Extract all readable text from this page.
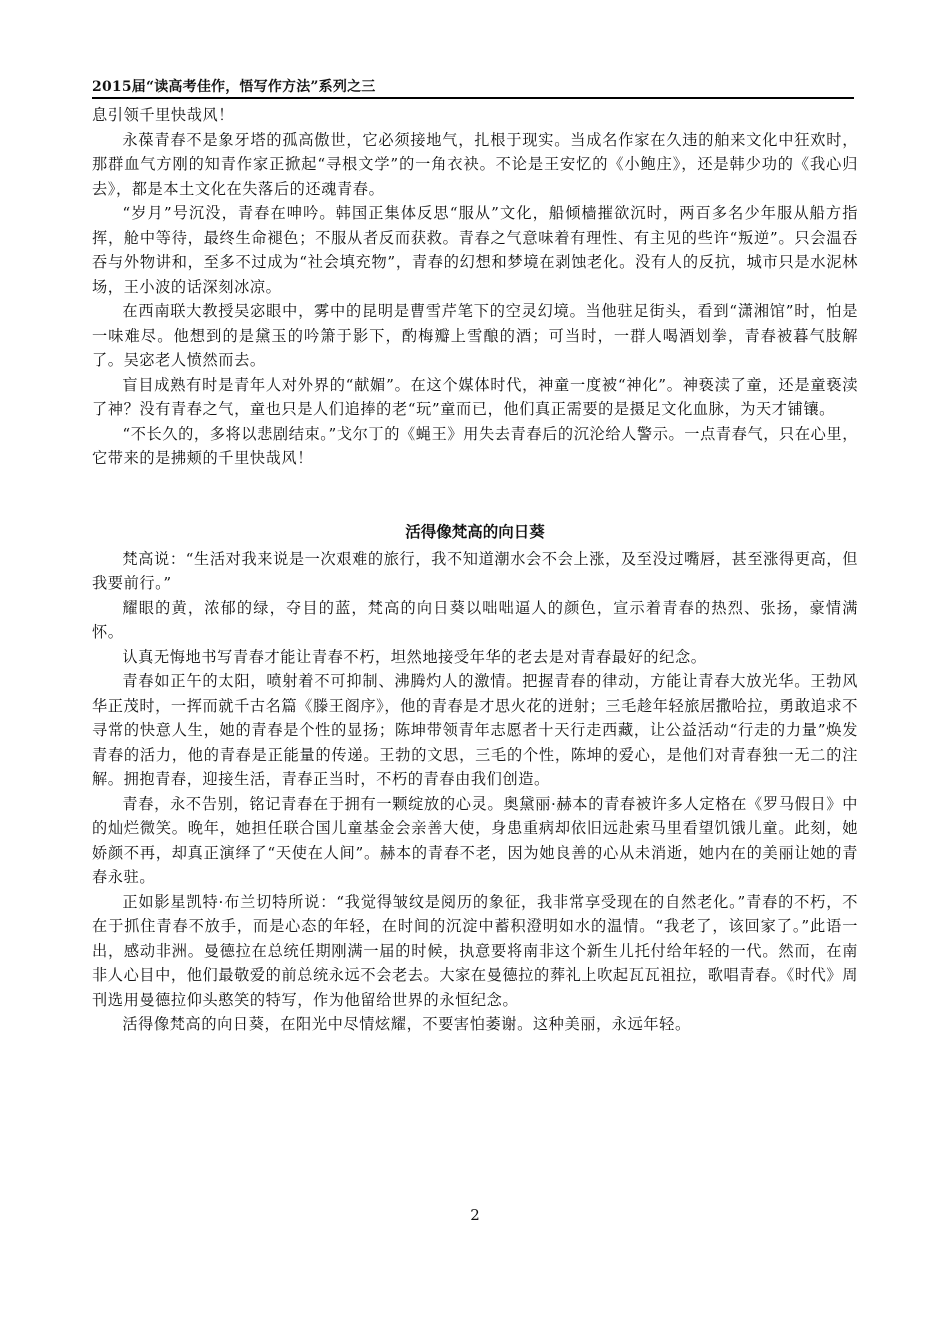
2015届“读高考佳作，悟写作方法”系列之三

息引领千里快哉风！

永葆青春不是象牙塔的孤高傲世，它必须接地气，扎根于现实。当成名作家在久违的舶来文化中狂欢时，那群血气方刚的知青作家正掀起“寻根文学”的一角衣袂。不论是王安忆的《小鲍庄》，还是韩少功的《我心归去》，都是本土文化在失落后的还魂青春。

“岁月”号沉没，青春在呻吟。韩国正集体反思“服从”文化，船倾樯摧欲沉时，两百多名少年服从船方指挥，舱中等待，最终生命褪色；不服从者反而获救。青春之气意味着有理性、有主见的些许“叛逆”。只会温吞吞与外物讲和，至多不过成为“社会填充物”，青春的幻想和梦境在剥蚀老化。没有人的反抗，城市只是水泥林场，王小波的话深刻冰凉。

在西南联大教授吴宓眼中，雾中的昆明是曹雪芹笔下的空灵幻境。当他驻足街头，看到“潇湘馆”时，怕是一味难尽。他想到的是黛玉的吟箫于影下，酌梅瓣上雪酿的酒；可当时，一群人喝酒划拳，青春被暮气肢解了。吴宓老人愤然而去。

盲目成熟有时是青年人对外界的“献媚”。在这个媒体时代，神童一度被“神化”。神亵渎了童，还是童亵渎了神？没有青春之气，童也只是人们追捧的老“玩”童而已，他们真正需要的是摄足文化血脉，为天才铺镶。

“不长久的，多将以悲剧结束。”戈尔丁的《蝇王》用失去青春后的沉沦给人警示。一点青春气，只在心里，它带来的是拂颊的千里快哉风！

活得像梵高的向日葵

梵高说：“生活对我来说是一次艰难的旅行，我不知道潮水会不会上涨，及至没过嘴唇，甚至涨得更高，但我要前行。”

耀眼的黄，浓郁的绿，夺目的蓝，梵高的向日葵以咄咄逼人的颜色，宣示着青春的热烈、张扬，豪情满怀。

认真无悔地书写青春才能让青春不朽，坦然地接受年华的老去是对青春最好的纪念。

青春如正午的太阳，喷射着不可抑制、沸腾灼人的激情。把握青春的律动，方能让青春大放光华。王勃风华正茂时，一挥而就千古名篇《滕王阁序》，他的青春是才思火花的迸射；三毛趁年轻旅居撒哈拉，勇敢追求不寻常的快意人生，她的青春是个性的显扬；陈坤带领青年志愿者十天行走西藏，让公益活动“行走的力量”焕发青春的活力，他的青春是正能量的传递。王勃的文思，三毛的个性，陈坤的爱心，是他们对青春独一无二的注解。拥抱青春，迎接生活，青春正当时，不朽的青春由我们创造。

青春，永不告别，铭记青春在于拥有一颗绽放的心灵。奥黛丽·赫本的青春被许多人定格在《罗马假日》中的灿烂微笑。晚年，她担任联合国儿童基金会亲善大使，身患重病却依旧远赴索马里看望饥饿儿童。此刻，她娇颜不再，却真正演绎了“天使在人间”。赫本的青春不老，因为她良善的心从未消逝，她内在的美丽让她的青春永驻。

正如影星凯特·布兰切特所说：“我觉得皱纹是阅历的象征，我非常享受现在的自然老化。”青春的不朽，不在于抓住青春不放手，而是心态的年轻，在时间的沉淀中蓄积澄明如水的温情。“我老了，该回家了。”此语一出，感动非洲。曼德拉在总统任期刚满一届的时候，执意要将南非这个新生儿托付给年轻的一代。然而，在南非人心目中，他们最敬爱的前总统永远不会老去。大家在曼德拉的葬礼上吹起瓦瓦祖拉，歌唱青春。《时代》周刊选用曼德拉仰头憨笑的特写，作为他留给世界的永恒纪念。

活得像梵高的向日葵，在阳光中尽情炫耀，不要害怕萎谢。这种美丽，永远年轻。

2
